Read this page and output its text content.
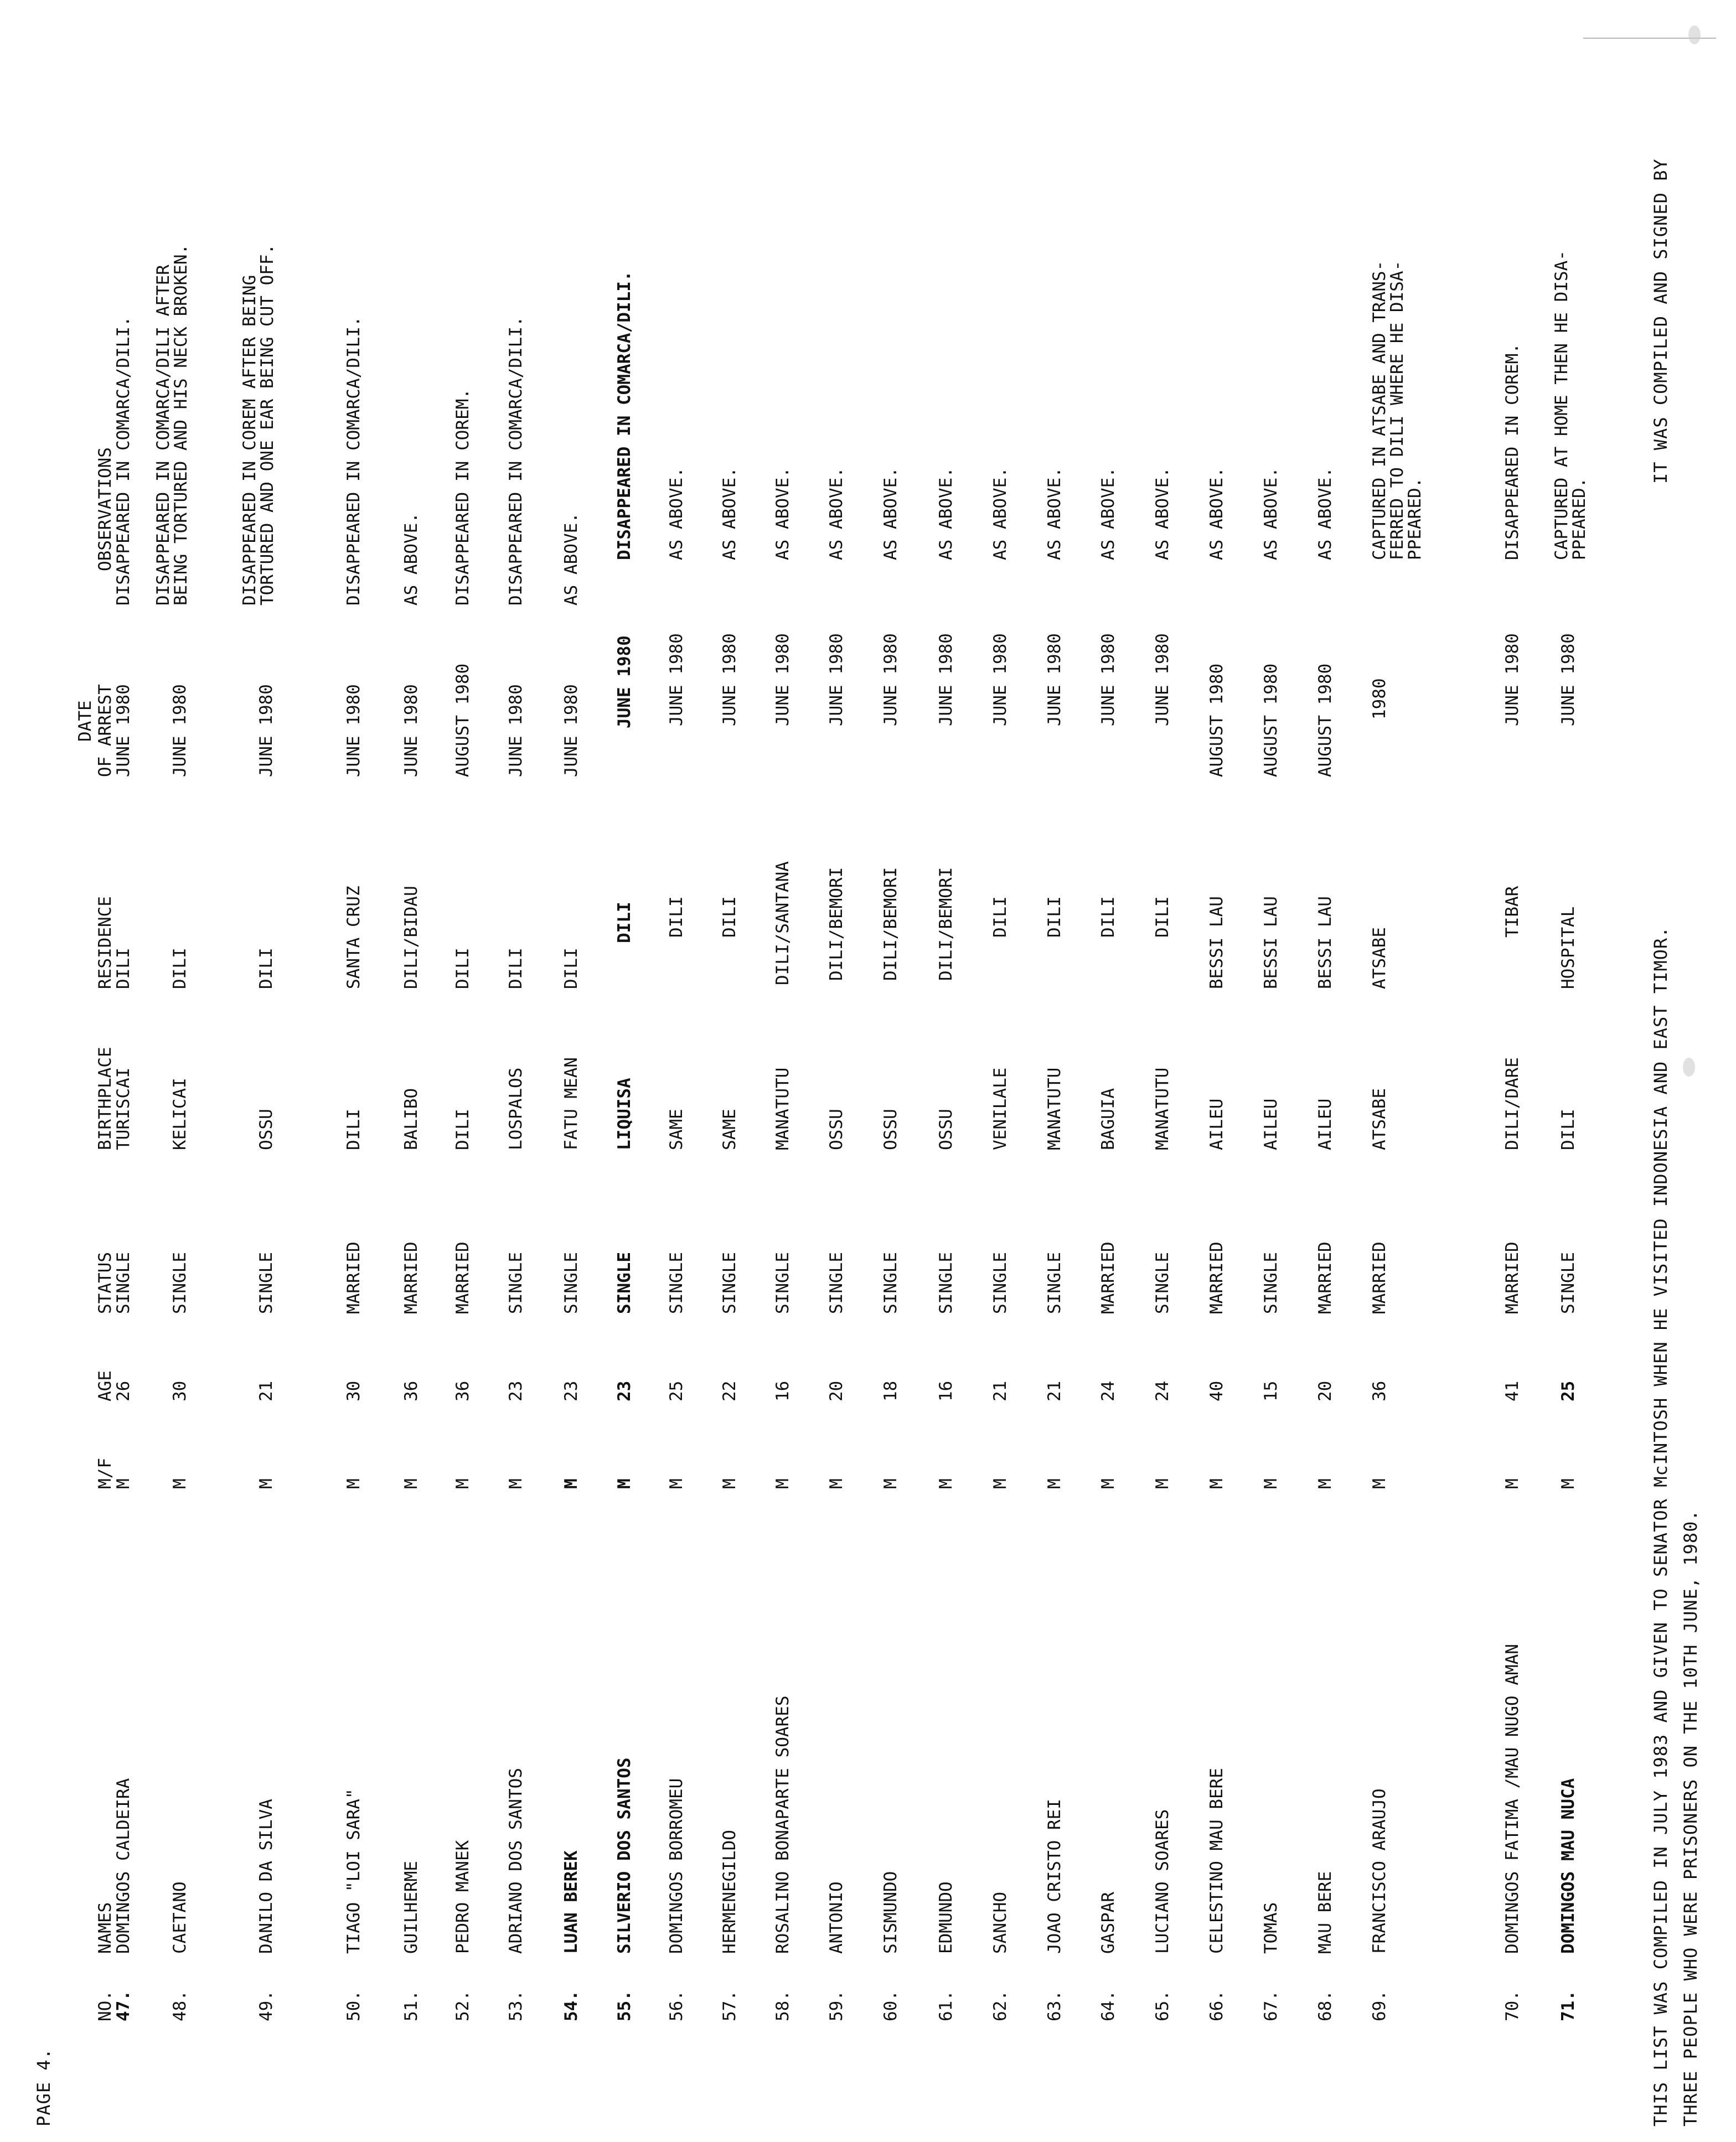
PAGE 4.
NO.
NAMES
M/F
AGE
STATUS
BIRTHPLACE
RESIDENCE
DATE OF ARREST
OBSERVATIONS
47.
DOMINGOS CALDEIRA
M
26
SINGLE
TURISCAI
DILI
JUNE 1980
DISAPPEARED IN COMARCA/DILI.
48.
CAETANO
M
30
SINGLE
KELICAI
DILI
JUNE 1980
DISAPPEARED IN COMARCA/DILI AFTER
BEING TORTURED AND HIS NECK BROKEN.
49.
DANILO DA SILVA
M
21
SINGLE
OSSU
DILI
JUNE 1980
DISAPPEARED IN COREM AFTER BEING
TORTURED AND ONE EAR BEING CUT OFF.
50.
TIAGO "LOI SARA"
M
30
MARRIED
DILI
SANTA CRUZ
JUNE 1980
DISAPPEARED IN COMARCA/DILI.
51.
GUILHERME
M
36
MARRIED
BALIBO
DILI/BIDAU
JUNE 1980
AS ABOVE.
52.
PEDRO MANEK
M
36
MARRIED
DILI
DILI
AUGUST 1980
DISAPPEARED IN COREM.
53.
ADRIANO DOS SANTOS
M
23
SINGLE
LOSPALOS
DILI
JUNE 1980
DISAPPEARED IN COMARCA/DILI.
54.
LUAN BEREK
M
23
SINGLE
FATU MEAN
DILI
JUNE 1980
AS ABOVE.
55.
SILVERIO DOS SANTOS
M
23
SINGLE
LIQUISA
DILI
JUNE 1980
DISAPPEARED IN COMARCA/DILI.
56.
DOMINGOS BORROMEU
M
25
SINGLE
SAME
DILI
JUNE 1980
AS ABOVE.
57.
HERMENEGILDO
M
22
SINGLE
SAME
DILI
JUNE 1980
AS ABOVE.
58.
ROSALINO BONAPARTE SOARES
M
16
SINGLE
MANATUTU
DILI/SANTANA
JUNE 1980
AS ABOVE.
59.
ANTONIO
M
20
SINGLE
OSSU
DILI/BEMORI
JUNE 1980
AS ABOVE.
60.
SISMUNDO
M
18
SINGLE
OSSU
DILI/BEMORI
JUNE 1980
AS ABOVE.
61.
EDMUNDO
M
16
SINGLE
OSSU
DILI/BEMORI
JUNE 1980
AS ABOVE.
62.
SANCHO
M
21
SINGLE
VENILALE
DILI
JUNE 1980
AS ABOVE.
63.
JOAO CRISTO REI
M
21
SINGLE
MANATUTU
DILI
JUNE 1980
AS ABOVE.
64.
GASPAR
M
24
MARRIED
BAGUIA
DILI
JUNE 1980
AS ABOVE.
65.
LUCIANO SOARES
M
24
SINGLE
MANATUTU
DILI
JUNE 1980
AS ABOVE.
66.
CELESTINO MAU BERE
M
40
MARRIED
AILEU
BESSI LAU
AUGUST 1980
AS ABOVE.
67.
TOMAS
M
15
SINGLE
AILEU
BESSI LAU
AUGUST 1980
AS ABOVE.
68.
MAU BERE
M
20
MARRIED
AILEU
BESSI LAU
AUGUST 1980
AS ABOVE.
69.
FRANCISCO ARAUJO
M
36
MARRIED
ATSABE
ATSABE
1980
CAPTURED IN ATSABE AND TRANS-
FERRED TO DILI WHERE HE DISA-
PPEARED.
70.
DOMINGOS FATIMA /MAU NUGO AMAN
M
41
MARRIED
DILI/DARE
TIBAR
JUNE 1980
DISAPPEARED IN COREM.
71.
DOMINGOS MAU NUCA
M
25
SINGLE
DILI
HOSPITAL
JUNE 1980
CAPTURED AT HOME THEN HE DISA-
PPEARED.
THIS LIST WAS COMPILED IN JULY 1983 AND GIVEN TO SENATOR McINTOSH WHEN HE VISITED INDONESIA AND EAST TIMOR.
IT WAS COMPILED AND SIGNED BY
THREE PEOPLE WHO WERE PRISONERS ON THE 10TH JUNE, 1980.
